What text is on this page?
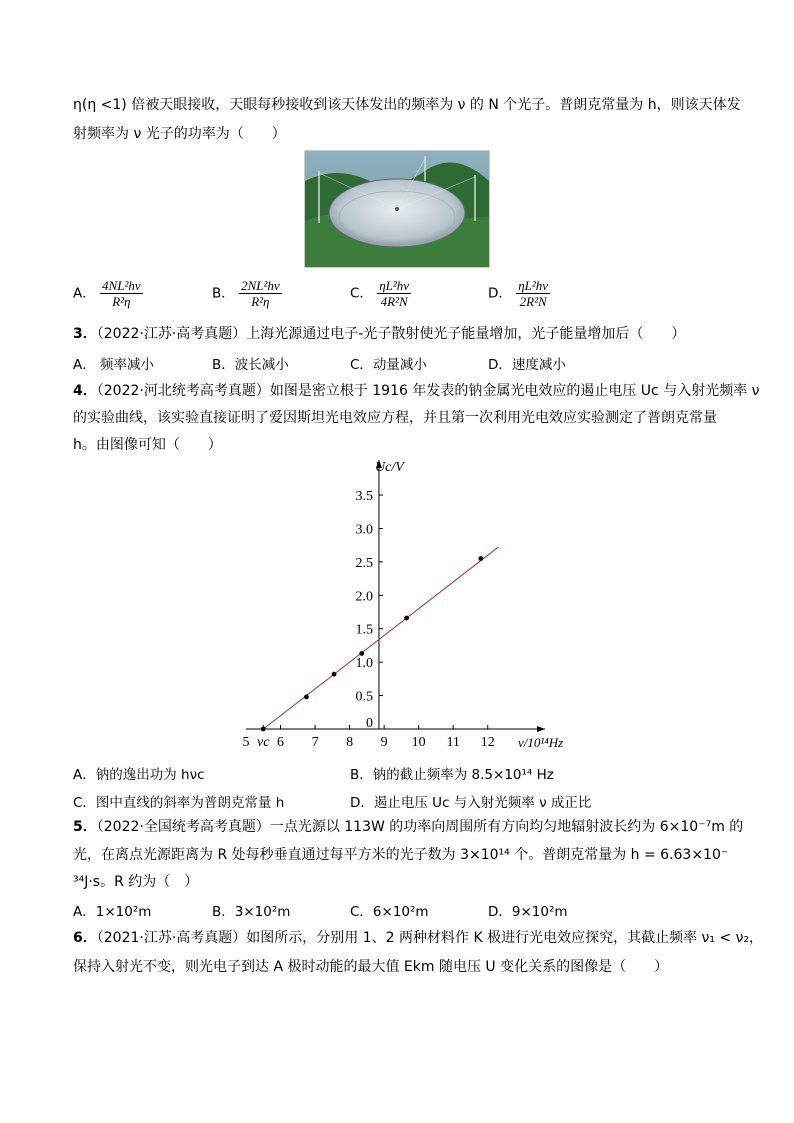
η(η <1) 倍被天眼接收，天眼每秒接收到该天体发出的频率为 ν 的 N 个光子。普朗克常量为 h，则该天体发
射频率为 ν 光子的功率为（　　）
A． $\frac{\text{4NL²hν}}{\text{R²η}}$	B． $\frac{\text{2NL²hν}}{\text{R²η}}$	C． $\frac{\text{ηL²hν}}{\text{4R²N}}$	D． $\frac{\text{ηL²hν}}{\text{2R²N}}$
3．（2022·江苏·高考真题）上海光源通过电子-光子散射使光子能量增加，光子能量增加后（　　）
A． 频率减小	B．波长减小	C．动量减小	D．速度减小
4．（2022·河北统考高考真题）如图是密立根于 1916 年发表的钠金属光电效应的遏止电压 Uc 与入射光频率 ν
的实验曲线，该实验直接证明了爱因斯坦光电效应方程，并且第一次利用光电效应实验测定了普朗克常量
h。由图像可知（　　）
5 νc 6 7 8 9 10 11 12
0
0.5
1.0
1.5
2.0
2.5
3.0
3.5
Uc/V
ν/10¹⁴Hz
A．钠的逸出功为 hνc	B．钠的截止频率为 8.5×10¹⁴ Hz
C．图中直线的斜率为普朗克常量 h	D．遏止电压 Uc 与入射光频率 ν 成正比
5．（2022·全国统考高考真题）一点光源以 113W 的功率向周围所有方向均匀地辐射波长约为 6×10⁻⁷m 的
光，在离点光源距离为 R 处每秒垂直通过每平方米的光子数为 3×10¹⁴ 个。普朗克常量为 h = 6.63×10⁻
³⁴J·s。R 约为（　）
A．1×10²m	B．3×10²m	C．6×10²m	D．9×10²m
6．（2021·江苏·高考真题）如图所示，分别用 1、2 两种材料作 K 极进行光电效应探究，其截止频率 ν₁ < ν₂，
保持入射光不变，则光电子到达 A 极时动能的最大值 Ekm 随电压 U 变化关系的图像是（　　）
